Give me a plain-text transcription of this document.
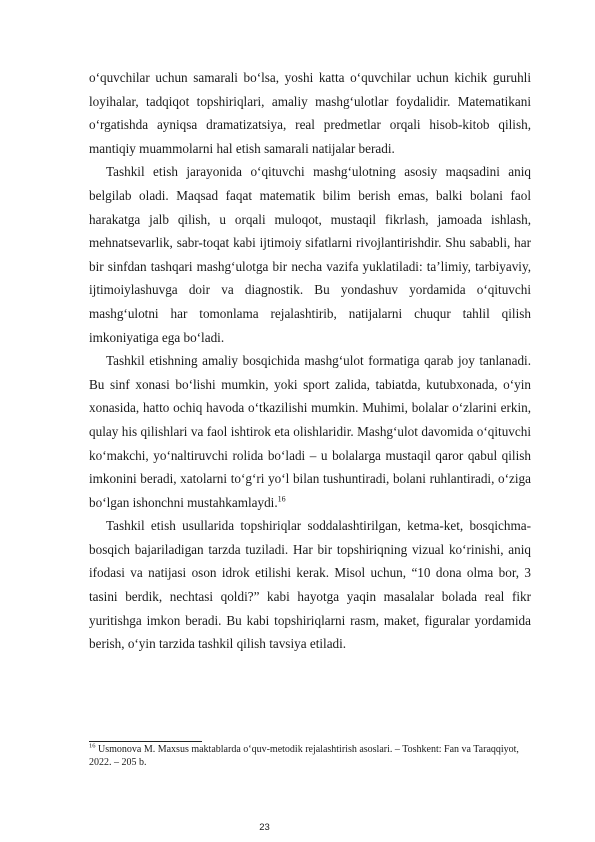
o‘quvchilar uchun samarali bo‘lsa, yoshi katta o‘quvchilar uchun kichik guruhli loyihalar, tadqiqot topshiriqlari, amaliy mashg‘ulotlar foydalidir. Matematikani o‘rgatishda ayniqsa dramatizatsiya, real predmetlar orqali hisob-kitob qilish, mantiqiy muammolarni hal etish samarali natijalar beradi.

Tashkil etish jarayonida o‘qituvchi mashg‘ulotning asosiy maqsadini aniq belgilab oladi. Maqsad faqat matematik bilim berish emas, balki bolani faol harakatga jalb qilish, u orqali muloqot, mustaqil fikrlash, jamoada ishlash, mehnatsevarlik, sabr-toqat kabi ijtimoiy sifatlarni rivojlantirishdir. Shu sababli, har bir sinfdan tashqari mashg‘ulotga bir necha vazifa yuklatiladi: ta’limiy, tarbiyaviy, ijtimoiylashuvga doir va diagnostik. Bu yondashuv yordamida o‘qituvchi mashg‘ulotni har tomonlama rejalashtirib, natijalarni chuqur tahlil qilish imkoniyatiga ega bo‘ladi.

Tashkil etishning amaliy bosqichida mashg‘ulot formatiga qarab joy tanlanadi. Bu sinf xonasi bo‘lishi mumkin, yoki sport zalida, tabiatda, kutubxonada, o‘yin xonasida, hatto ochiq havoda o‘tkazilishi mumkin. Muhimi, bolalar o‘zlarini erkin, qulay his qilishlari va faol ishtirok eta olishlaridir. Mashg‘ulot davomida o‘qituvchi ko‘makchi, yo‘naltiruvchi rolida bo‘ladi – u bolalarga mustaqil qaror qabul qilish imkonini beradi, xatolarni to‘g‘ri yo‘l bilan tushuntiradi, bolani ruhlantiradi, o‘ziga bo‘lgan ishonchni mustahkamlaydi.$^{16}$

Tashkil etish usullarida topshiriqlar soddalashtirilgan, ketma-ket, bosqichma-bosqich bajariladigan tarzda tuziladi. Har bir topshiriqning vizual ko‘rinishi, aniq ifodasi va natijasi oson idrok etilishi kerak. Misol uchun, “10 dona olma bor, 3 tasini berdik, nechtasi qoldi?” kabi hayotga yaqin masalalar bolada real fikr yuritishga imkon beradi. Bu kabi topshiriqlarni rasm, maket, figuralar yordamida berish, o‘yin tarzida tashkil qilish tavsiya etiladi.

$^{16}$ Usmonova M. Maxsus maktablarda o‘quv-metodik rejalashtirish asoslari. – Toshkent: Fan va Taraqqiyot, 2022. – 205 b.
23
